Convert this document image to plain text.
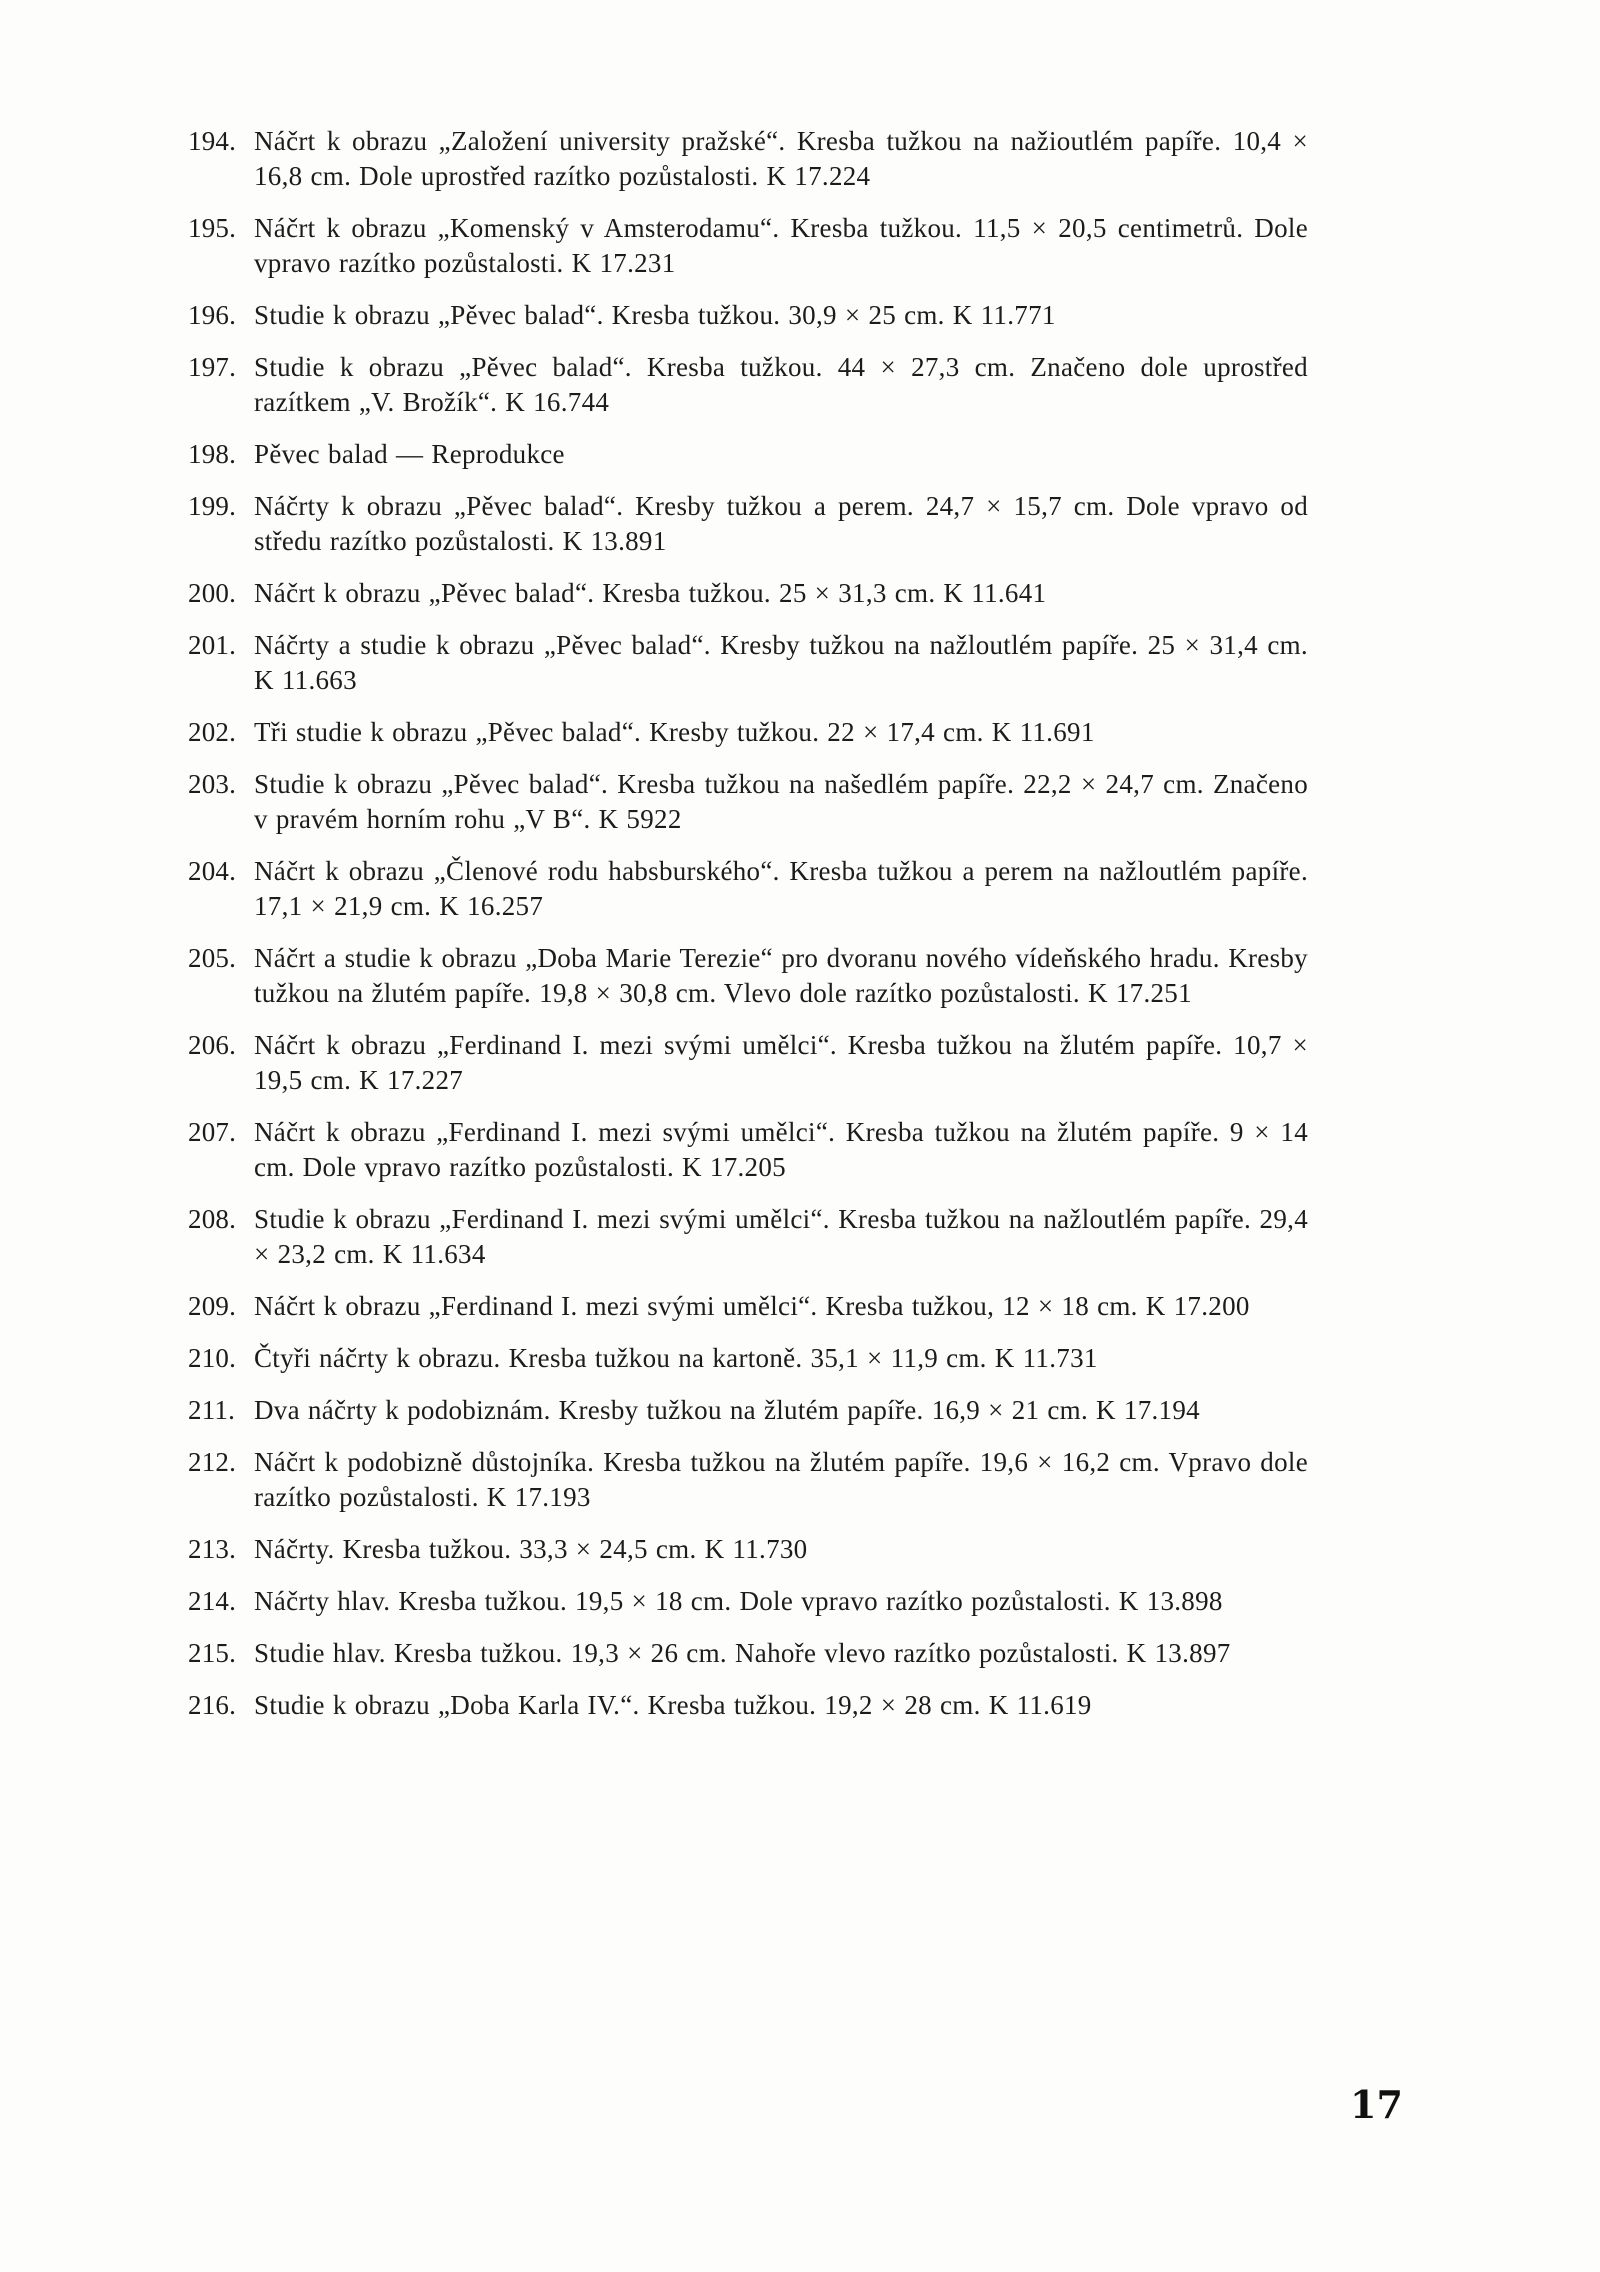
194. Náčrt k obrazu „Založení university pražské“. Kresba tužkou na nažioutlém papíře. 10,4 × 16,8 cm. Dole uprostřed razítko pozůstalosti. K 17.224
195. Náčrt k obrazu „Komenský v Amsterodamu“. Kresba tužkou. 11,5 × 20,5 centimetrů. Dole vpravo razítko pozůstalosti. K 17.231
196. Studie k obrazu „Pěvec balad“. Kresba tužkou. 30,9 × 25 cm. K 11.771
197. Studie k obrazu „Pěvec balad“. Kresba tužkou. 44 × 27,3 cm. Značeno dole uprostřed razítkem „V. Brožík“. K 16.744
198. Pěvec balad — Reprodukce
199. Náčrty k obrazu „Pěvec balad“. Kresby tužkou a perem. 24,7 × 15,7 cm. Dole vpravo od středu razítko pozůstalosti. K 13.891
200. Náčrt k obrazu „Pěvec balad“. Kresba tužkou. 25 × 31,3 cm. K 11.641
201. Náčrty a studie k obrazu „Pěvec balad“. Kresby tužkou na nažloutlém papíře. 25 × 31,4 cm. K 11.663
202. Tři studie k obrazu „Pěvec balad“. Kresby tužkou. 22 × 17,4 cm. K 11.691
203. Studie k obrazu „Pěvec balad“. Kresba tužkou na našedlém papíře. 22,2 × 24,7 cm. Značeno v pravém horním rohu „V B“. K 5922
204. Náčrt k obrazu „Členové rodu habsburského“. Kresba tužkou a perem na nažloutlém papíře. 17,1 × 21,9 cm. K 16.257
205. Náčrt a studie k obrazu „Doba Marie Terezie“ pro dvoranu nového vídeňského hradu. Kresby tužkou na žlutém papíře. 19,8 × 30,8 cm. Vlevo dole razítko pozůstalosti. K 17.251
206. Náčrt k obrazu „Ferdinand I. mezi svými umělci“. Kresba tužkou na žlutém papíře. 10,7 × 19,5 cm. K 17.227
207. Náčrt k obrazu „Ferdinand I. mezi svými umělci“. Kresba tužkou na žlutém papíře. 9 × 14 cm. Dole vpravo razítko pozůstalosti. K 17.205
208. Studie k obrazu „Ferdinand I. mezi svými umělci“. Kresba tužkou na nažloutlém papíře. 29,4 × 23,2 cm. K 11.634
209. Náčrt k obrazu „Ferdinand I. mezi svými umělci“. Kresba tužkou, 12 × 18 cm. K 17.200
210. Čtyři náčrty k obrazu. Kresba tužkou na kartoně. 35,1 × 11,9 cm. K 11.731
211. Dva náčrty k podobiznám. Kresby tužkou na žlutém papíře. 16,9 × 21 cm. K 17.194
212. Náčrt k podobizně důstojníka. Kresba tužkou na žlutém papíře. 19,6 × 16,2 cm. Vpravo dole razítko pozůstalosti. K 17.193
213. Náčrty. Kresba tužkou. 33,3 × 24,5 cm. K 11.730
214. Náčrty hlav. Kresba tužkou. 19,5 × 18 cm. Dole vpravo razítko pozůstalosti. K 13.898
215. Studie hlav. Kresba tužkou. 19,3 × 26 cm. Nahoře vlevo razítko pozůstalosti. K 13.897
216. Studie k obrazu „Doba Karla IV.“. Kresba tužkou. 19,2 × 28 cm. K 11.619
17
